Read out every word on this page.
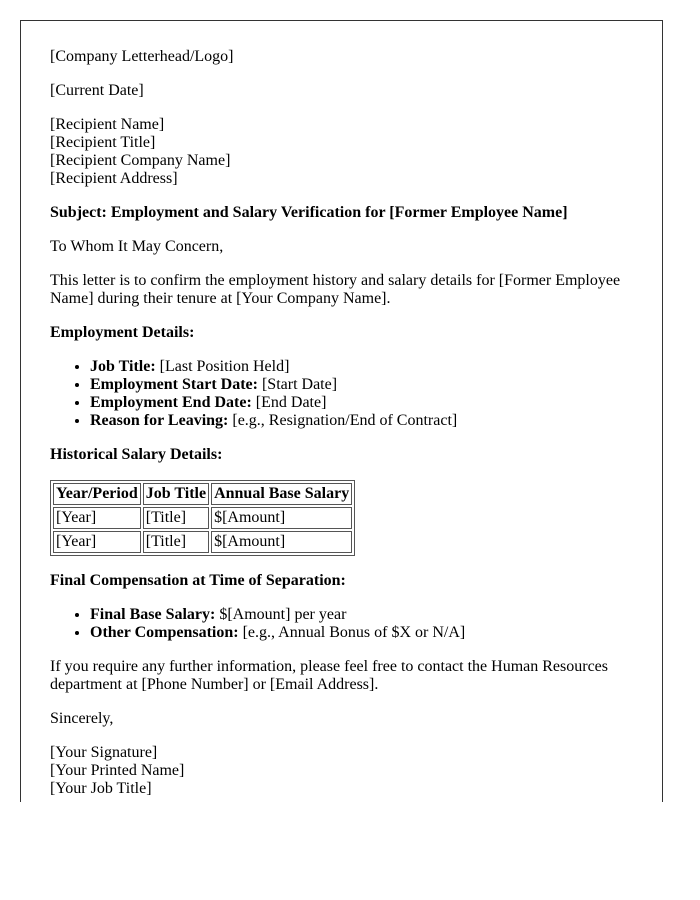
[Company Letterhead/Logo]

[Current Date]

[Recipient Name]
[Recipient Title]
[Recipient Company Name]
[Recipient Address]

Subject: Employment and Salary Verification for [Former Employee Name]

To Whom It May Concern,

This letter is to confirm the employment history and salary details for [Former Employee Name] during their tenure at [Your Company Name].

Employment Details:

• Job Title: [Last Position Held]
• Employment Start Date: [Start Date]
• Employment End Date: [End Date]
• Reason for Leaving: [e.g., Resignation/End of Contract]

Historical Salary Details:

Year/Period	Job Title	Annual Base Salary
[Year]	[Title]	$[Amount]
[Year]	[Title]	$[Amount]

Final Compensation at Time of Separation:

• Final Base Salary: $[Amount] per year
• Other Compensation: [e.g., Annual Bonus of $X or N/A]

If you require any further information, please feel free to contact the Human Resources department at [Phone Number] or [Email Address].

Sincerely,

[Your Signature]
[Your Printed Name]
[Your Job Title]
